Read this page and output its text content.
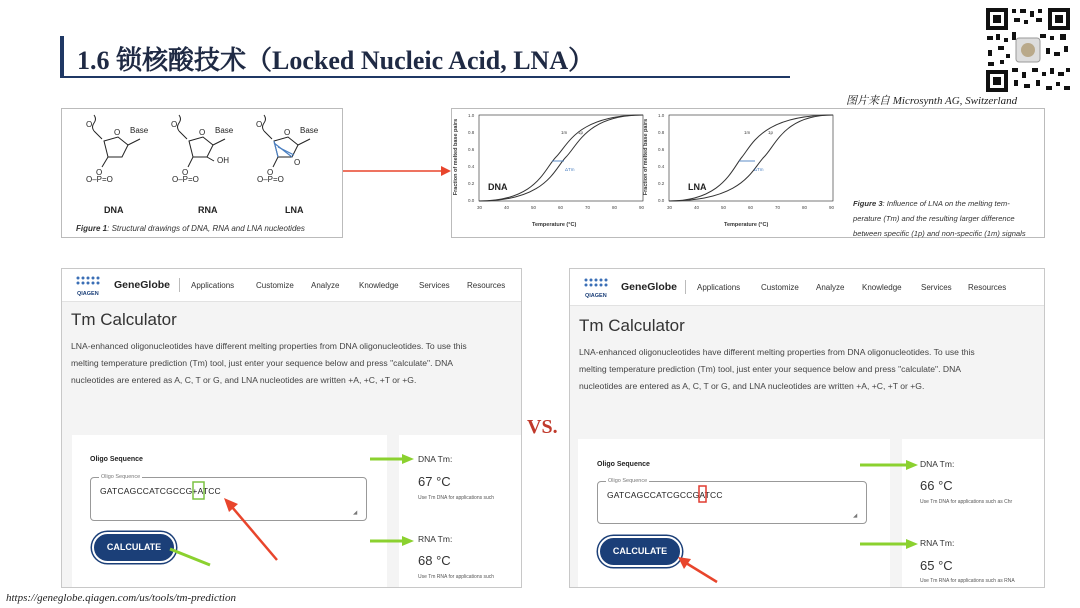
1.6 锁核酸技术（Locked Nucleic Acid, LNA）
图片来自 Microsynth AG, Switzerland
O	O	O
O	O	O
O	O	O
O
Base	Base	Base
OH
O–P=O	O–P=O	O–P=O
DNA	RNA	LNA
Figure 1: Structural drawings of DNA, RNA and LNA nucleotides
DNA	LNA
1m 1p	1m	1p
ΔTm	ΔTm
1.0
0.8
0.6
0.4
0.2
0.0
1.0
0.8
0.6
0.4
0.2
0.0
30	40	50	60	70	80	90	30	40	50	60	70	80	90
Temperature (°C)	Temperature (°C)
Fraction of melted base pairs	Fraction of melted base pairs
Figure 3: Influence of LNA on the melting tem-
perature (Tm) and the resulting larger difference
between specific (1p) and non-specific (1m) signals
QIAGEN
GeneGlobe	Applications	Customize Analyze Knowledge	Services Resources
Tm Calculator
LNA-enhanced oligonucleotides have different melting properties from DNA oligonucleotides. To use this melting temperature prediction (Tm) tool, just enter your sequence below and press "calculate". DNA nucleotides are entered as A, C, T or G, and LNA nucleotides are written +A, +C, +T or +G.
Oligo Sequence
Oligo Sequence
GATCAGCCATCGCCG+ATCC
◢
CALCULATE
DNA Tm:
67 °C
Use Tm DNA for applications such
RNA Tm:
68 °C
Use Tm RNA for applications such
QIAGEN
GeneGlobe Applications	Customize Analyze Knowledge Services Resources
Tm Calculator
LNA-enhanced oligonucleotides have different melting properties from DNA oligonucleotides. To use this melting temperature prediction (Tm) tool, just enter your sequence below and press "calculate". DNA nucleotides are entered as A, C, T or G, and LNA nucleotides are written +A, +C, +T or +G.
Oligo Sequence
Oligo Sequence
GATCAGCCATCGCCGATCC
◢
CALCULATE
DNA Tm:
66 °C
Use Tm DNA for applications such as Chr
RNA Tm:
65 °C
Use Tm RNA for applications such as RNA
VS.
https://geneglobe.qiagen.com/us/tools/tm-prediction
